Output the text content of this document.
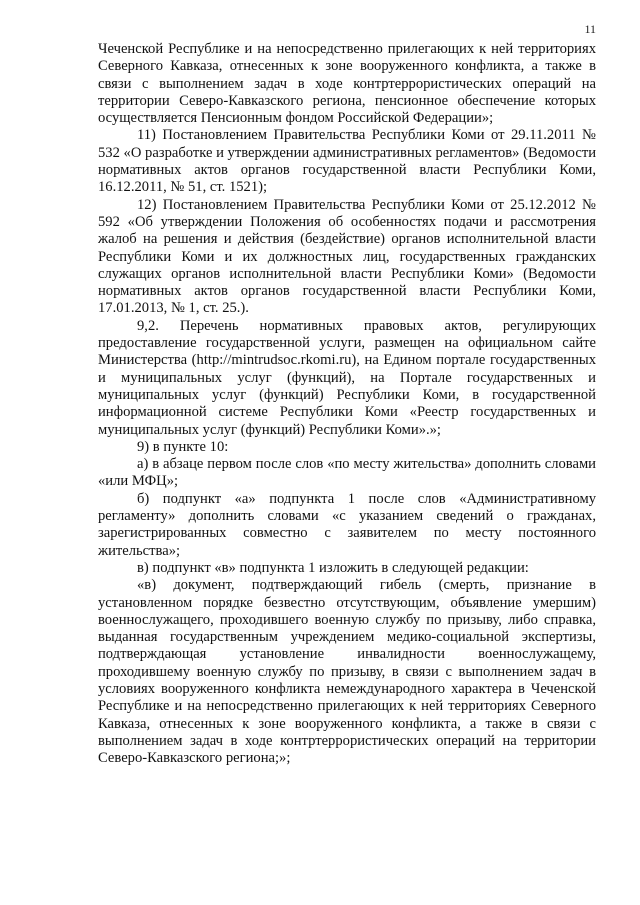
11

Чеченской Республике и на непосредственно прилегающих к ней территориях Северного Кавказа, отнесенных к зоне вооруженного конфликта, а также в связи с выполнением задач в ходе контртеррористических операций на территории Северо-Кавказского региона, пенсионное обеспечение которых осуществляется Пенсионным фондом Российской Федерации»;

11) Постановлением Правительства Республики Коми от 29.11.2011 № 532 «О разработке и утверждении административных регламентов» (Ведомости нормативных актов органов государственной власти Республики Коми, 16.12.2011, № 51, ст. 1521);

12) Постановлением Правительства Республики Коми от 25.12.2012 № 592 «Об утверждении Положения об особенностях подачи и рассмотрения жалоб на решения и действия (бездействие) органов исполнительной власти Республики Коми и их должностных лиц, государственных гражданских служащих органов исполнительной власти Республики Коми» (Ведомости нормативных актов органов государственной власти Республики Коми, 17.01.2013, № 1, ст. 25.).

9,2. Перечень нормативных правовых актов, регулирующих предоставление государственной услуги, размещен на официальном сайте Министерства (http://mintrudsoc.rkomi.ru), на Едином портале государственных и муниципальных услуг (функций), на Портале государственных и муниципальных услуг (функций) Республики Коми, в государственной информационной системе Республики Коми «Реестр государственных и муниципальных услуг (функций) Республики Коми».»;

9) в пункте 10:

а) в абзаце первом после слов «по месту жительства» дополнить словами «или МФЦ»;

б) подпункт «а» подпункта 1 после слов «Административному регламенту» дополнить словами «с указанием сведений о гражданах, зарегистрированных совместно с заявителем по месту постоянного жительства»;

в) подпункт «в» подпункта 1 изложить в следующей редакции:

«в) документ, подтверждающий гибель (смерть, признание в установленном порядке безвестно отсутствующим, объявление умершим) военнослужащего, проходившего военную службу по призыву, либо справка, выданная государственным учреждением медико-социальной экспертизы, подтверждающая установление инвалидности военнослужащему, проходившему военную службу по призыву, в связи с выполнением задач в условиях вооруженного конфликта немеждународного характера в Чеченской Республике и на непосредственно прилегающих к ней территориях Северного Кавказа, отнесенных к зоне вооруженного конфликта, а также в связи с выполнением задач в ходе контртеррористических операций на территории Северо-Кавказского региона;»;
